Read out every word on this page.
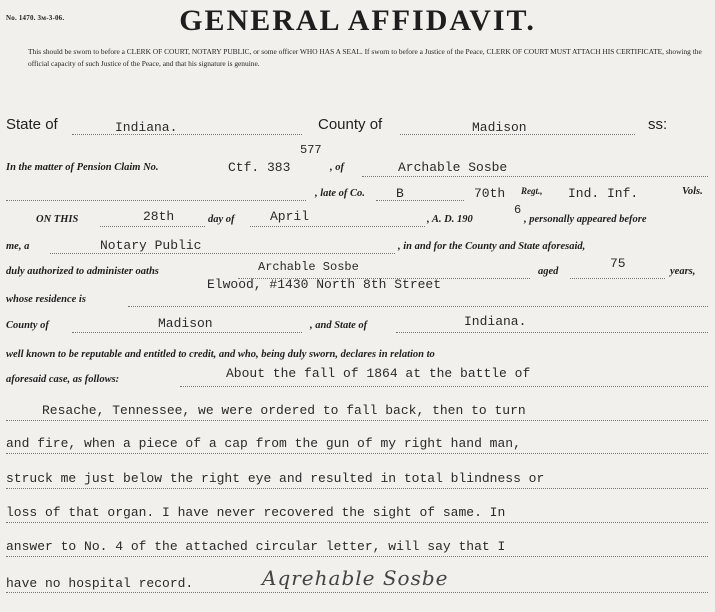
No. 1470. 3м-3-06.	GENERAL AFFIDAVIT.
This should be sworn to before a CLERK OF COURT, NOTARY PUBLIC, or some officer WHO HAS A SEAL. If sworn to before a Justice of the Peace, CLERK OF COURT MUST ATTACH HIS CERTIFICATE, showing the official capacity of such Justice of the Peace, and that his signature is genuine.
State of	Indiana.	County of	Madison	ss:
In the matter of Pension Claim No.	Ctf. 383
577
, of	Archable Sosbe
, late of Co. B	70th Regt., Ind. Inf.	Vols.
ON THIS	28th	day of	April	, A. D. 190
6
, personally appeared before
me, a	Notary Public	, in and for the County and State aforesaid,
duly authorized to administer oaths	Archable Sosbe	aged
75
years,
whose residence is
Elwood, #1430 North 8th Street
County of	Madison	, and State of	Indiana.
well known to be reputable and entitled to credit, and who, being duly sworn, declares in relation to
aforesaid case, as follows:	About the fall of 1864 at the battle of
Resache, Tennessee, we were ordered to fall back, then to turn
and fire, when a piece of a cap from the gun of my right hand man,
struck me just below the right eye and resulted in total blindness or
loss of that organ. I have never recovered the sight of same. In
answer to No. 4 of the attached circular letter, will say that I
have no hospital record.	Aqrehable Sosbe
